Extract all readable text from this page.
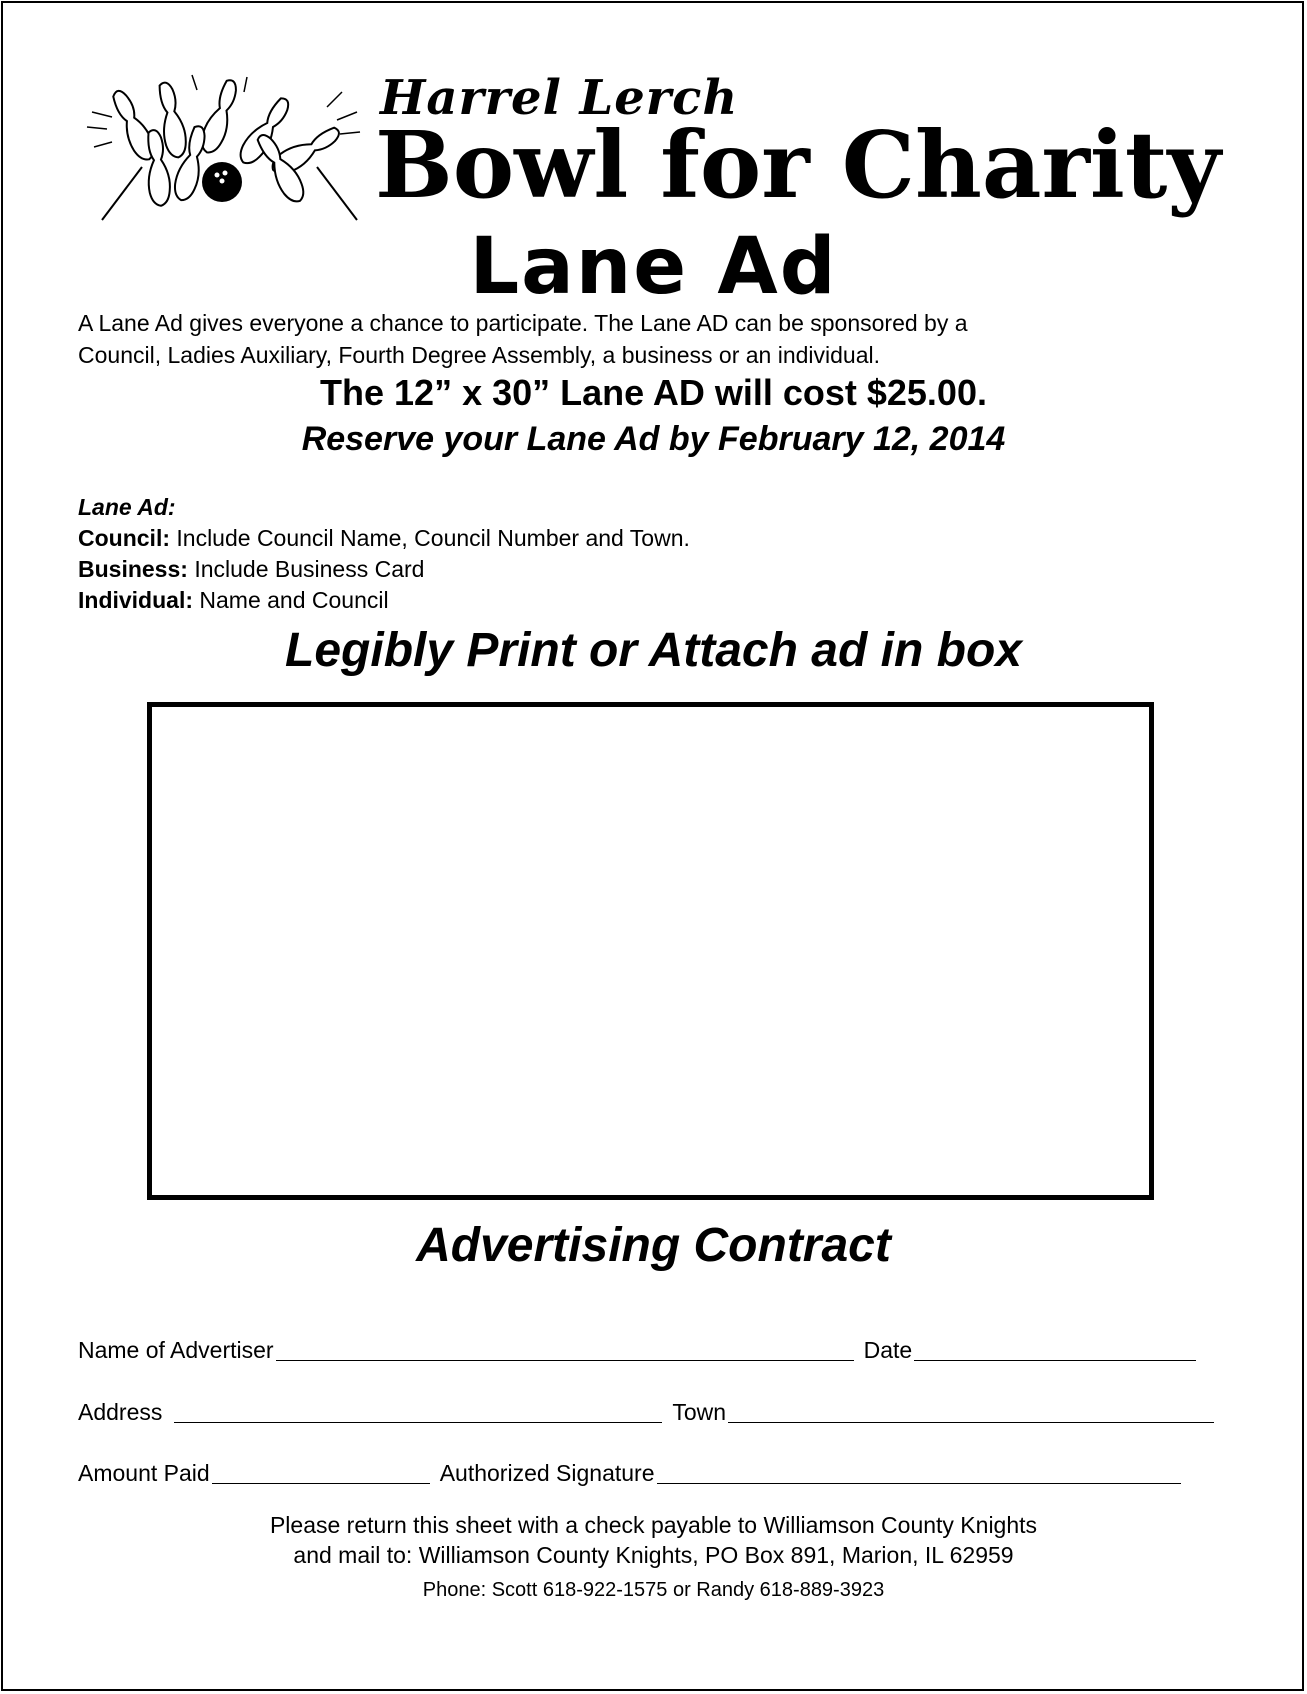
Harrel Lerch
Bowl for Charity
Lane Ad

A Lane Ad gives everyone a chance to participate. The Lane AD can be sponsored by a
Council, Ladies Auxiliary, Fourth Degree Assembly, a business or an individual.

The 12” x 30” Lane AD will cost $25.00.
Reserve your Lane Ad by February 12, 2014
Lane Ad:
Council: Include Council Name, Council Number and Town.
Business: Include Business Card
Individual: Name and Council
Legibly Print or Attach ad in box
Advertising Contract
Name of Advertiser	Date
Address	Town
Amount Paid	Authorized Signature
Please return this sheet with a check payable to Williamson County Knights
and mail to: Williamson County Knights, PO Box 891, Marion, IL 62959
Phone: Scott 618-922-1575 or Randy 618-889-3923
